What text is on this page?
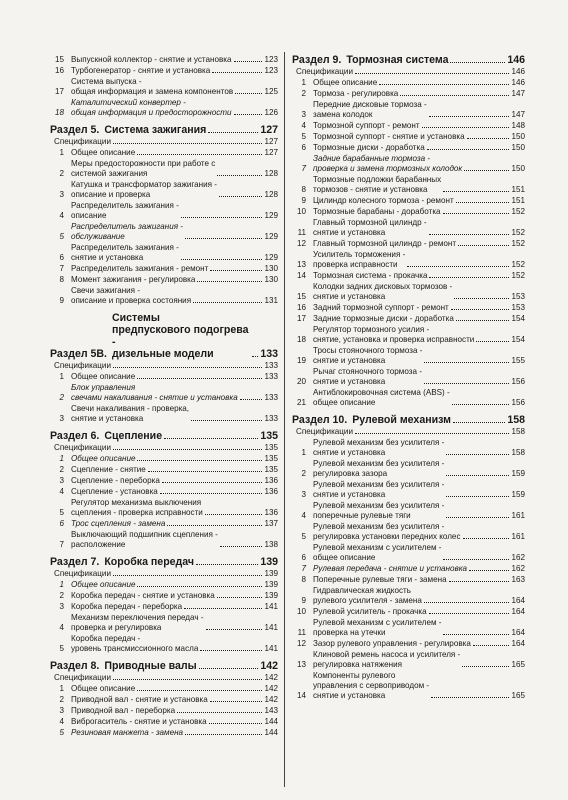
15 Выпускной коллектор - снятие и установка	123
16 Турбогенератор - снятие и установка	123
17
Система выпуска -
общая информация и замена компонентов	125
18
Каталитический конвертер -
общая информация и предосторожности	126
Раздел 5. Система зажигания	127
Спецификации	127
1 Общее описание	127
2
Меры предосторожности при работе с
системой зажигания	128
3
Катушка и трансформатор зажигания -
описание и проверка	128
4
Распределитель зажигания -
описание	129
5
Распределитель зажигания -
обслуживание	129
6
Распределитель зажигания -
снятие и установка	129
7 Распределитель зажигания - ремонт	130
8 Момент зажигания - регулировка	130
9
Свечи зажигания -
описание и проверка состояния	131
Раздел 5В.
Системы
предпускового подогрева -
дизельные модели	133
Спецификации	133
1 Общее описание	133
2
Блок управления
свечами накаливания - снятие и установка	133
3
Свечи накаливания - проверка,
снятие и установка	133
Раздел 6. Сцепление	135
Спецификации	135
1 Общее описание	135
2 Сцепление - снятие	135
3 Сцепление - переборка	136
4 Сцепление - установка	136
5
Регулятор механизма выключения
сцепления - проверка исправности	136
6 Трос сцепления - замена	137
7
Выключающий подшипник сцепления -
расположение	138
Раздел 7. Коробка передач	139
Спецификации	139
1 Общее описание	139
2 Коробка передач - снятие и установка	139
3 Коробка передач - переборка	141
4
Механизм переключения передач -
проверка и регулировка	141
5
Коробка передач -
уровень трансмиссионного масла	141
Раздел 8. Приводные валы	142
Спецификации	142
1 Общее описание	142
2 Приводной вал - снятие и установка	142
3 Приводной вал - переборка	143
4 Виброгаситель - снятие и установка	144
5 Резиновая манжета - замена	144
Раздел 9. Тормозная система	146
Спецификации	146
1 Общее описание	146
2 Тормоза - регулировка	147
3
Передние дисковые тормоза -
замена колодок	147
4 Тормозной суппорт - ремонт	148
5 Тормозной суппорт - снятие и установка	150
6 Тормозные диски - доработка	150
7
Задние барабанные тормоза -
проверка и замена тормозных колодок	150
8
Тормозные подложки барабанных
тормозов - снятие и установка	151
9 Цилиндр колесного тормоза - ремонт	151
10 Тормозные барабаны - доработка	152
11
Главный тормозной цилиндр -
снятие и установка	152
12 Главный тормозной цилиндр - ремонт	152
13
Усилитель торможения -
проверка исправности	152
14 Тормозная система - прокачка	152
15
Колодки задних дисковых тормозов -
снятие и установка	153
16 Задний тормозной суппорт - ремонт	153
17 Задние тормозные диски - доработка	154
18
Регулятор тормозного усилия -
снятие, установка и проверка исправности	154
19
Тросы стояночного тормоза -
снятие и установка	155
20
Рычаг стояночного тормоза -
снятие и установка	156
21
Антиблокировочная система (ABS) -
общее описание	156
Раздел 10. Рулевой механизм	158
Спецификации	158
1
Рулевой механизм без усилителя -
снятие и установка	158
2
Рулевой механизм без усилителя -
регулировка зазора	159
3
Рулевой механизм без усилителя -
снятие и установка	159
4
Рулевой механизм без усилителя -
поперечные рулевые тяги	161
5
Рулевой механизм без усилителя -
регулировка установки передних колес	161
6
Рулевой механизм с усилителем -
общее описание	162
7 Рулевая передача - снятие и установка	162
8 Поперечные рулевые тяги - замена	163
9
Гидравлическая жидкость
рулевого усилителя - замена	164
10 Рулевой усилитель - прокачка	164
11
Рулевой механизм с усилителем -
проверка на утечки	164
12 Зазор рулевого управления - регулировка	164
13
Клиновой ремень насоса и усилителя -
регулировка натяжения	165
14
Компоненты рулевого
управления с сервоприводом -
снятие и установка	165
